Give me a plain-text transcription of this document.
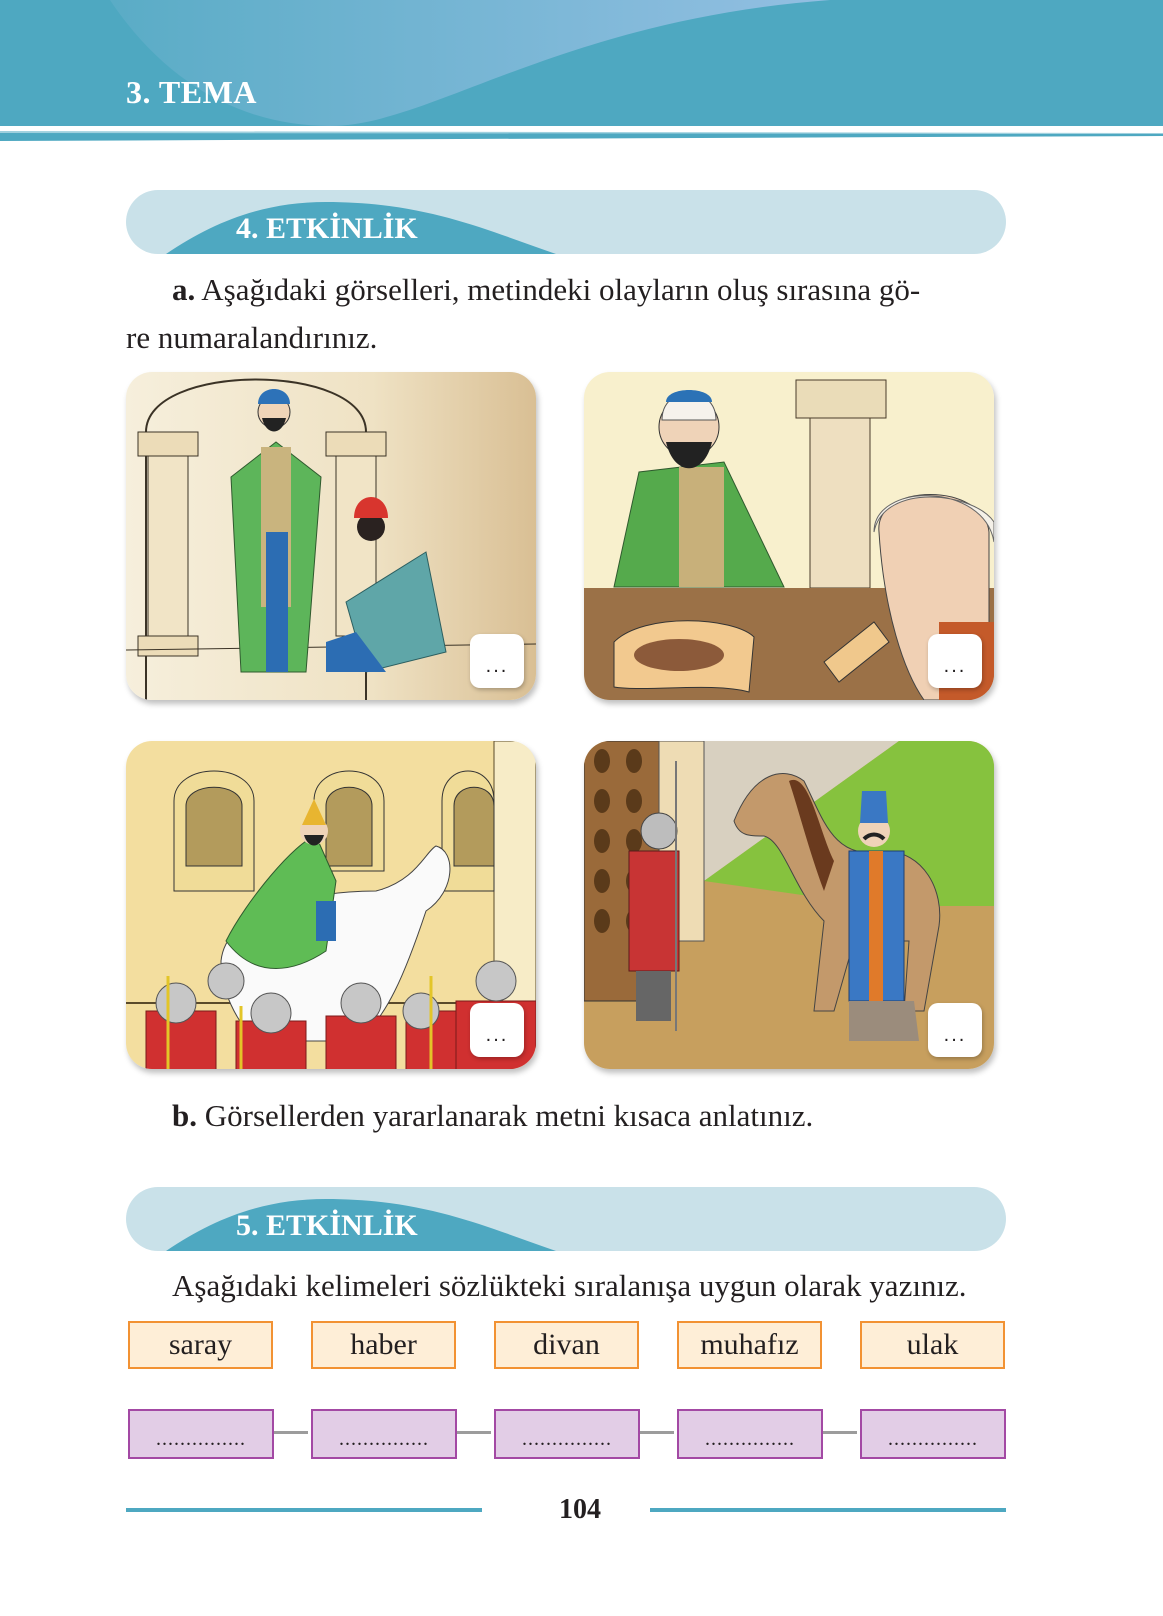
3. TEMA
4. ETKİNLİK
a. Aşağıdaki görselleri, metindeki olayların oluş sırasına gö-
re numaralandırınız.
...	...
...	...
b. Görsellerden yararlanarak metni kısaca anlatınız.
5. ETKİNLİK
Aşağıdaki kelimeleri sözlükteki sıralanışa uygun olarak yazınız.
saray	haber	divan	muhafız	ulak
...............	...............	...............	...............	...............
104
